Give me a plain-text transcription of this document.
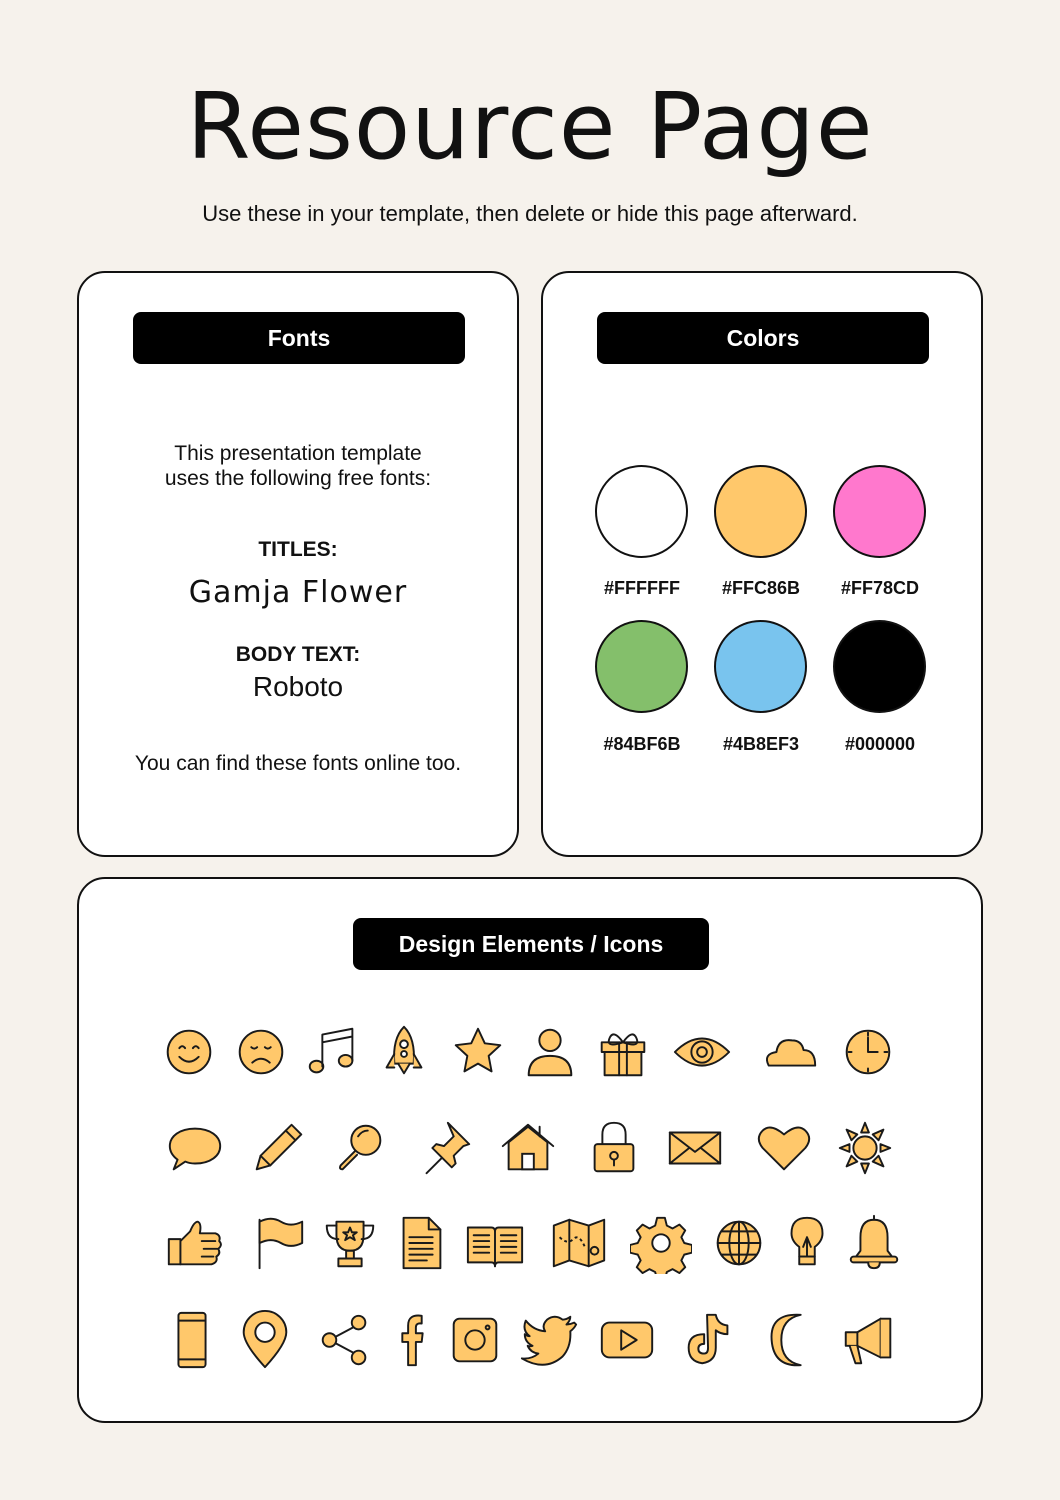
Resource Page
Use these in your template, then delete or hide this page afterward.
Fonts
This presentation template
uses the following free fonts:
TITLES:
Gamja Flower
BODY TEXT:
Roboto
You can find these fonts online too.
Colors
#FFFFFF	#FFC86B	#FF78CD
#84BF6B	#4B8EF3	#000000
Design Elements / Icons
